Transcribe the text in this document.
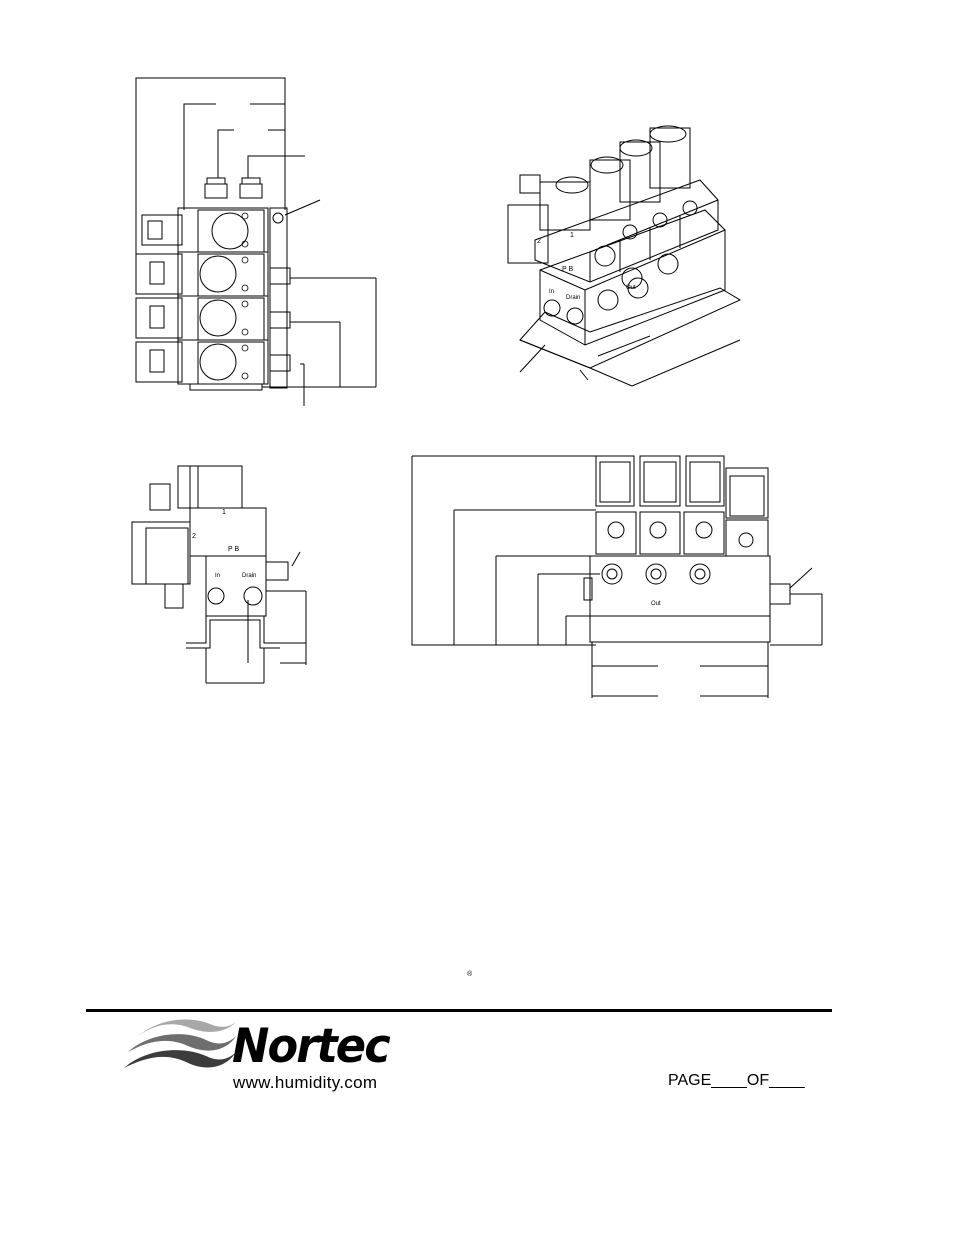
2
1
P B
In
Drain
Out
2
1
P B
In	Drain
Out
®
Nortec
www.humidity.com	PAGE____OF____
